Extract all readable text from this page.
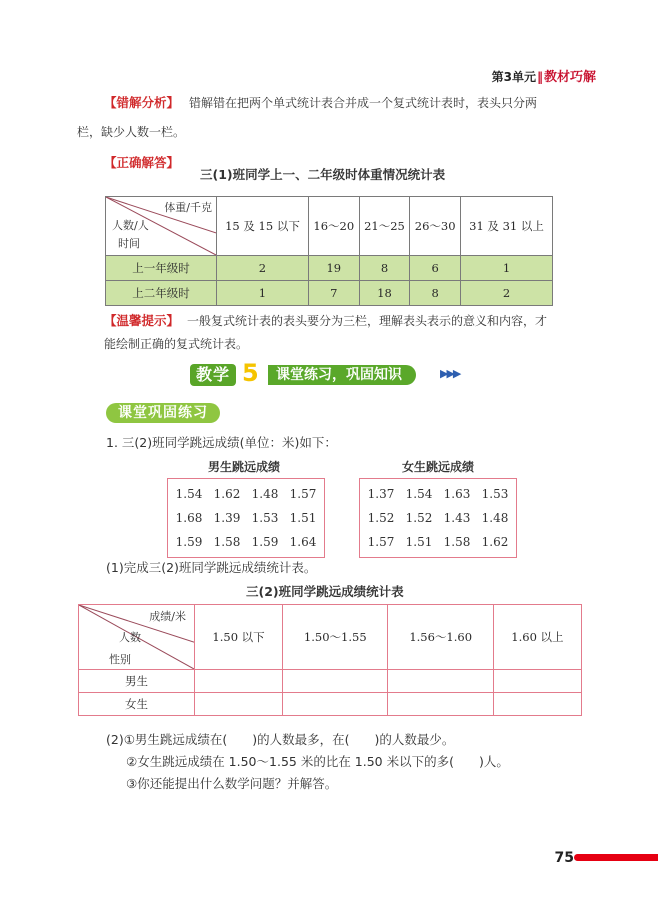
第3单元‖教材巧解
【错解分析】 错解错在把两个单式统计表合并成一个复式统计表时，表头只分两
栏，缺少人数一栏。
【正确解答】
三(1)班同学上一、二年级时体重情况统计表
体重/千克
人数/人
时间	15 及 15 以下	16～20	21～25	26～30	31 及 31 以上
上一年级时	2	19	8	6	1
上二年级时	1	7	18	8	2
【温馨提示】 一般复式统计表的表头要分为三栏，理解表头表示的意义和内容，才
能绘制正确的复式统计表。
课堂练习，巩固知识
教学 5	▶▶▶
课堂巩固练习
1. 三(2)班同学跳远成绩(单位：米)如下：
男生跳远成绩	女生跳远成绩
1.54	1.62	1.48	1.57
1.68	1.39	1.53	1.51
1.59	1.58	1.59	1.64
1.37	1.54	1.63	1.53
1.52	1.52	1.43	1.48
1.57	1.51	1.58	1.62
(1)完成三(2)班同学跳远成绩统计表。
三(2)班同学跳远成绩统计表
成绩/米
人数
性别	1.50 以下	1.50～1.55	1.56～1.60	1.60 以上
男生				
女生				
(2)①男生跳远成绩在(　　)的人数最多，在(　　)的人数最少。
②女生跳远成绩在 1.50～1.55 米的比在 1.50 米以下的多(　　)人。
③你还能提出什么数学问题？并解答。
75
